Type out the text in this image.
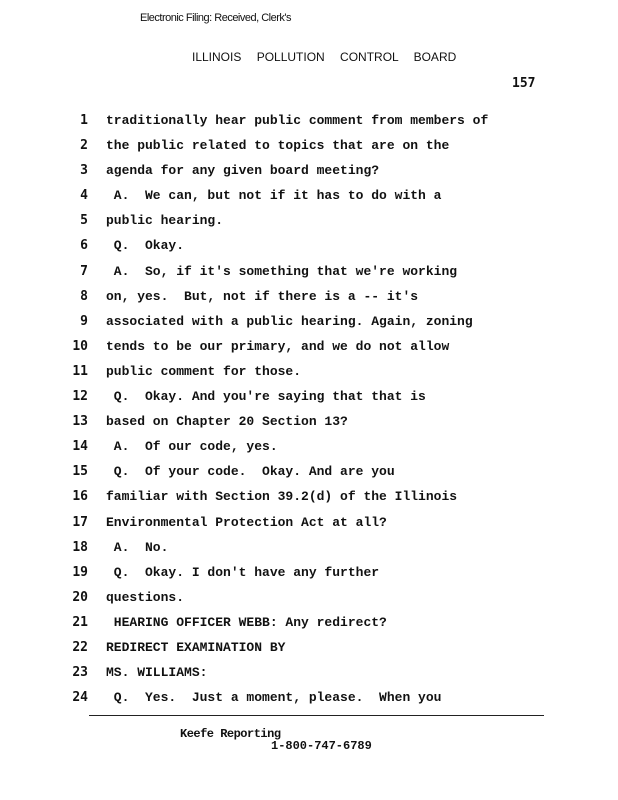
Electronic Filing: Received, Clerk's
ILLINOIS POLLUTION CONTROL BOARD
157
1 traditionally hear public comment from members of
2 the public related to topics that are on the
3 agenda for any given board meeting?
4 A.  We can, but not if it has to do with a
5 public hearing.
6 Q.  Okay.
7 A.  So, if it's something that we're working
8 on, yes.  But, not if there is a -- it's
9 associated with a public hearing. Again, zoning
10 tends to be our primary, and we do not allow
11 public comment for those.
12 Q.  Okay. And you're saying that that is
13 based on Chapter 20 Section 13?
14 A.  Of our code, yes.
15 Q.  Of your code.  Okay. And are you
16 familiar with Section 39.2(d) of the Illinois
17 Environmental Protection Act at all?
18 A.  No.
19 Q.  Okay. I don't have any further
20 questions.
21 HEARING OFFICER WEBB: Any redirect?
22 REDIRECT EXAMINATION BY
23 MS. WILLIAMS:
24 Q.  Yes.  Just a moment, please.  When you
Keefe Reporting
1-800-747-6789
